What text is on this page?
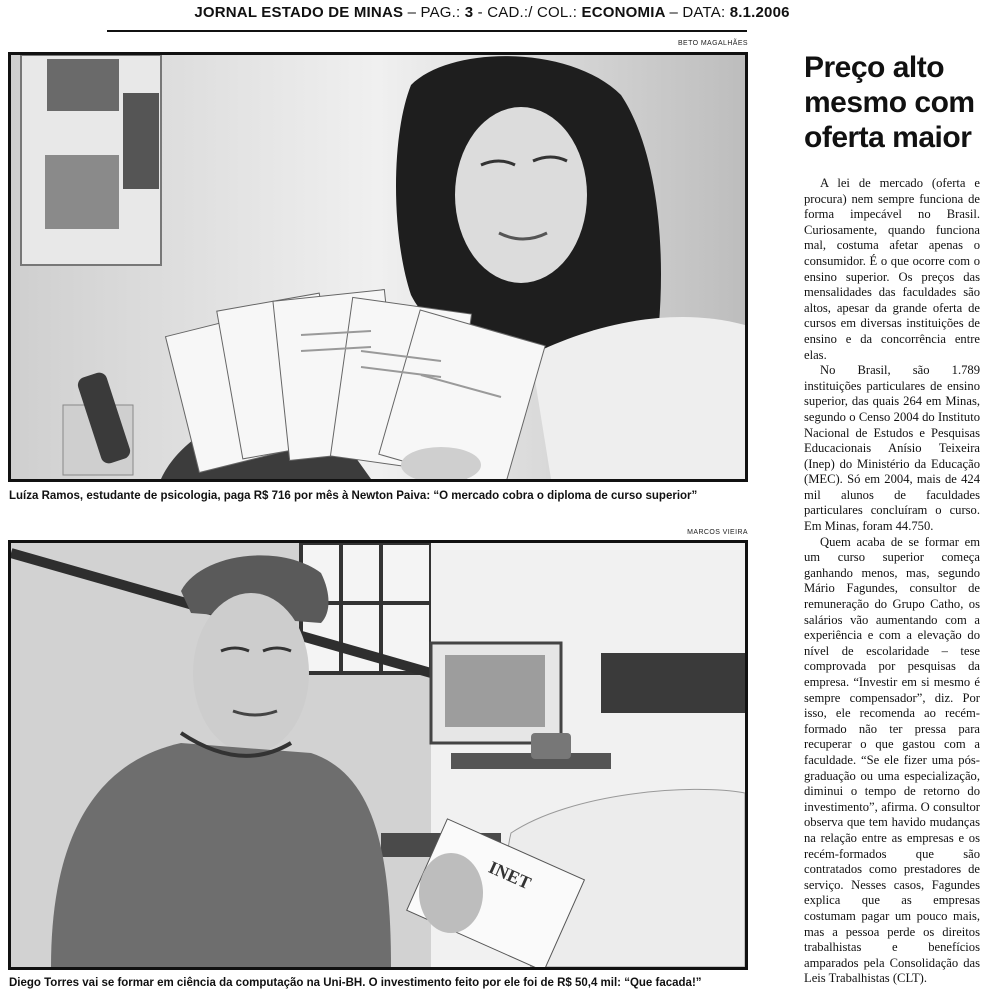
JORNAL ESTADO DE MINAS – PAG.: 3 - CAD.:/ COL.: ECONOMIA – DATA: 8.1.2006
BETO MAGALHÃES
Luíza Ramos, estudante de psicologia, paga R$ 716 por mês à Newton Paiva: “O mercado cobra o diploma de curso superior”
MARCOS VIEIRA
INET
Diego Torres vai se formar em ciência da computação na Uni-BH. O investimento feito por ele foi de R$ 50,4 mil: “Que facada!”
Preço alto mesmo com oferta maior

A lei de mercado (oferta e procura) nem sempre funciona de forma impecável no Brasil. Curiosamente, quando funciona mal, costuma afetar apenas o consumidor. É o que ocorre com o ensino superior. Os preços das mensalidades das faculdades são altos, apesar da grande oferta de cursos em diversas instituições de ensino e da concorrência entre elas.

No Brasil, são 1.789 instituições particulares de ensino superior, das quais 264 em Minas, segundo o Censo 2004 do Instituto Nacional de Estudos e Pesquisas Educacionais Anísio Teixeira (Inep) do Ministério da Educação (MEC). Só em 2004, mais de 424 mil alunos de faculdades particulares concluíram o curso. Em Minas, foram 44.750.

Quem acaba de se formar em um curso superior começa ganhando menos, mas, segundo Mário Fagundes, consultor de remuneração do Grupo Catho, os salários vão aumentando com a experiência e com a elevação do nível de escolaridade – tese comprovada por pesquisas da empresa. “Investir em si mesmo é sempre compensador”, diz. Por isso, ele recomenda ao recém-formado não ter pressa para recuperar o que gastou com a faculdade. “Se ele fizer uma pós-graduação ou uma especialização, diminui o tempo de retorno do investimento”, afirma. O consultor observa que tem havido mudanças na relação entre as empresas e os recém-formados que são contratados como prestadores de serviço. Nesses casos, Fagundes explica que as empresas costumam pagar um pouco mais, mas a pessoa perde os direitos trabalhistas e benefícios amparados pela Consolidação das Leis Trabalhistas (CLT).
